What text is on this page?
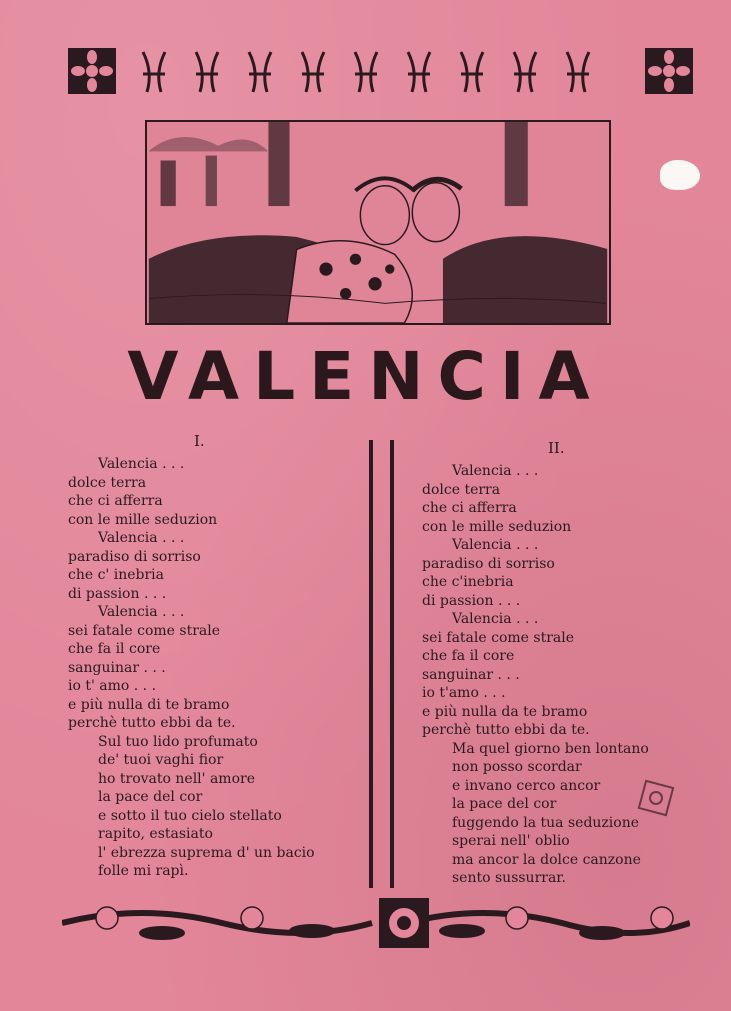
VALENCIA
I.	II.
Valencia . . .
dolce terra
che ci afferra
con le mille seduzion
Valencia . . .
paradiso di sorriso
che c' inebria
di passion . . .
Valencia . . .
sei fatale come strale
che fa il core
sanguinar . . .
io t' amo . . .
e più nulla di te bramo
perchè tutto ebbi da te.
Sul tuo lido profumato
de' tuoi vaghi fior
ho trovato nell' amore
la pace del cor
e sotto il tuo cielo stellato
rapito, estasiato
l' ebrezza suprema d' un bacio
folle mi rapì.
Valencia . . .
dolce terra
che ci afferra
con le mille seduzion
Valencia . . .
paradiso di sorriso
che c'inebria
di passion . . .
Valencia . . .
sei fatale come strale
che fa il core
sanguinar . . .
io t'amo . . .
e più nulla da te bramo
perchè tutto ebbi da te.
Ma quel giorno ben lontano
non posso scordar
e invano cerco ancor
la pace del cor
fuggendo la tua seduzione
sperai nell' oblio
ma ancor la dolce canzone
sento sussurrar.
